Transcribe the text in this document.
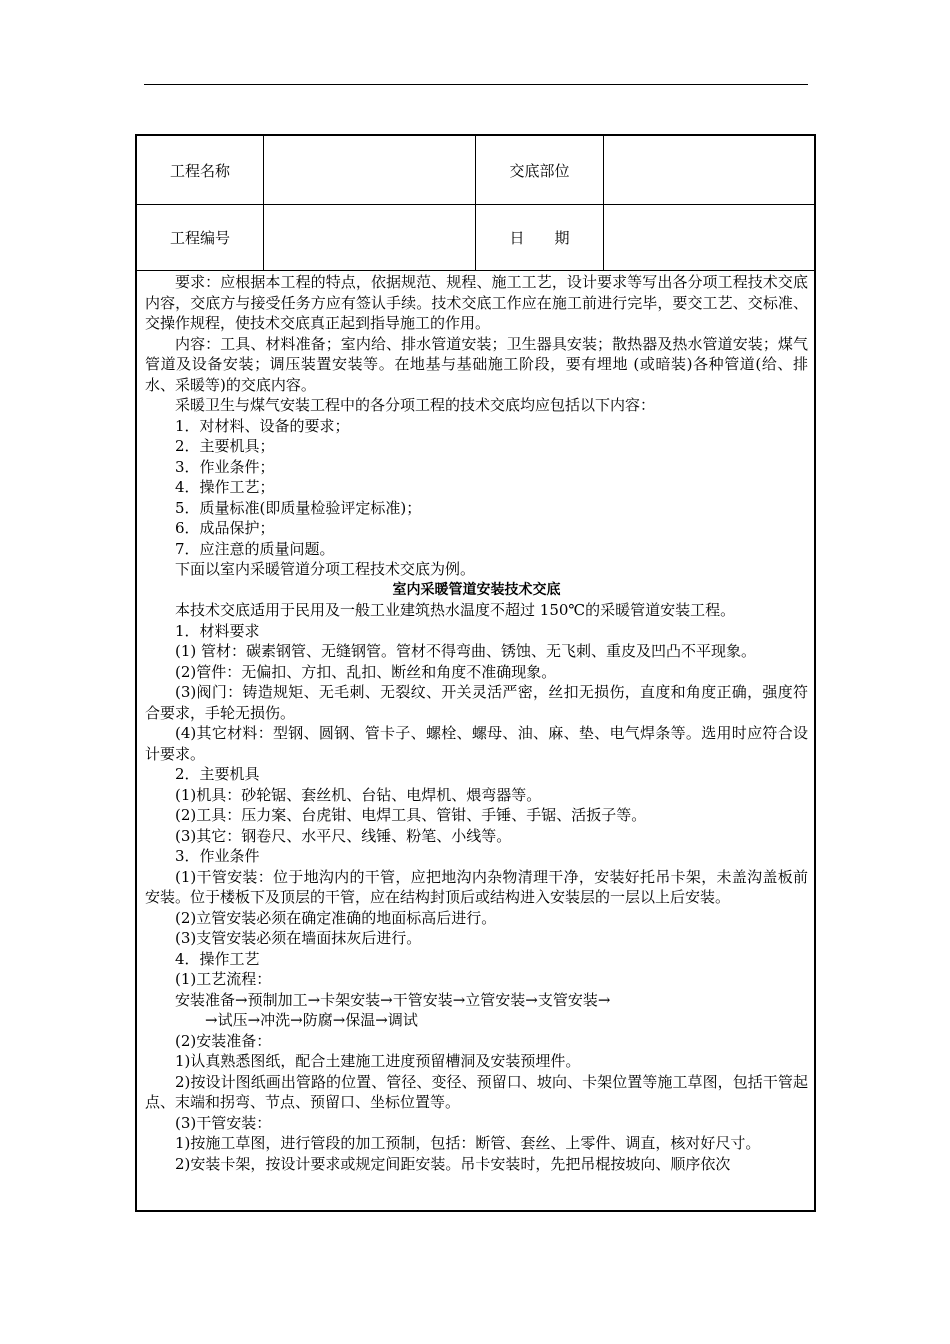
工程名称	交底部位
工程编号	日　　期

要求：应根据本工程的特点，依据规范、规程、施工工艺，设计要求等写出各分项工程技术交底内容，交底方与接受任务方应有签认手续。技术交底工作应在施工前进行完毕，要交工艺、交标准、交操作规程，使技术交底真正起到指导施工的作用。

内容：工具、材料准备；室内给、排水管道安装；卫生器具安装；散热器及热水管道安装；煤气管道及设备安装；调压装置安装等。在地基与基础施工阶段，要有埋地 (或暗装)各种管道(给、排水、采暖等)的交底内容。

采暖卫生与煤气安装工程中的各分项工程的技术交底均应包括以下内容：

1．对材料、设备的要求；

2．主要机具；

3．作业条件；

4．操作工艺；

5．质量标准(即质量检验评定标准)；

6．成品保护；

7．应注意的质量问题。

下面以室内采暖管道分项工程技术交底为例。

室内采暖管道安装技术交底

本技术交底适用于民用及一般工业建筑热水温度不超过 150℃的采暖管道安装工程。

1．材料要求

(1) 管材：碳素钢管、无缝钢管。管材不得弯曲、锈蚀、无飞刺、重皮及凹凸不平现象。

(2)管件：无偏扣、方扣、乱扣、断丝和角度不准确现象。

(3)阀门：铸造规矩、无毛刺、无裂纹、开关灵活严密，丝扣无损伤，直度和角度正确，强度符合要求，手轮无损伤。

(4)其它材料：型钢、圆钢、管卡子、螺栓、螺母、油、麻、垫、电气焊条等。选用时应符合设计要求。

2．主要机具

(1)机具：砂轮锯、套丝机、台钻、电焊机、煨弯器等。

(2)工具：压力案、台虎钳、电焊工具、管钳、手锤、手锯、活扳子等。

(3)其它：钢卷尺、水平尺、线锤、粉笔、小线等。

3．作业条件

(1)干管安装：位于地沟内的干管，应把地沟内杂物清理干净，安装好托吊卡架，未盖沟盖板前安装。位于楼板下及顶层的干管，应在结构封顶后或结构进入安装层的一层以上后安装。

(2)立管安装必须在确定准确的地面标高后进行。

(3)支管安装必须在墙面抹灰后进行。

4．操作工艺

(1)工艺流程：

安装准备→预制加工→卡架安装→干管安装→立管安装→支管安装→

→试压→冲洗→防腐→保温→调试

(2)安装准备：

1)认真熟悉图纸，配合土建施工进度预留槽洞及安装预埋件。

2)按设计图纸画出管路的位置、管径、变径、预留口、坡向、卡架位置等施工草图，包括干管起点、末端和拐弯、节点、预留口、坐标位置等。

(3)干管安装：

1)按施工草图，进行管段的加工预制，包括：断管、套丝、上零件、调直，核对好尺寸。

2)安装卡架，按设计要求或规定间距安装。吊卡安装时，先把吊棍按坡向、顺序依次
